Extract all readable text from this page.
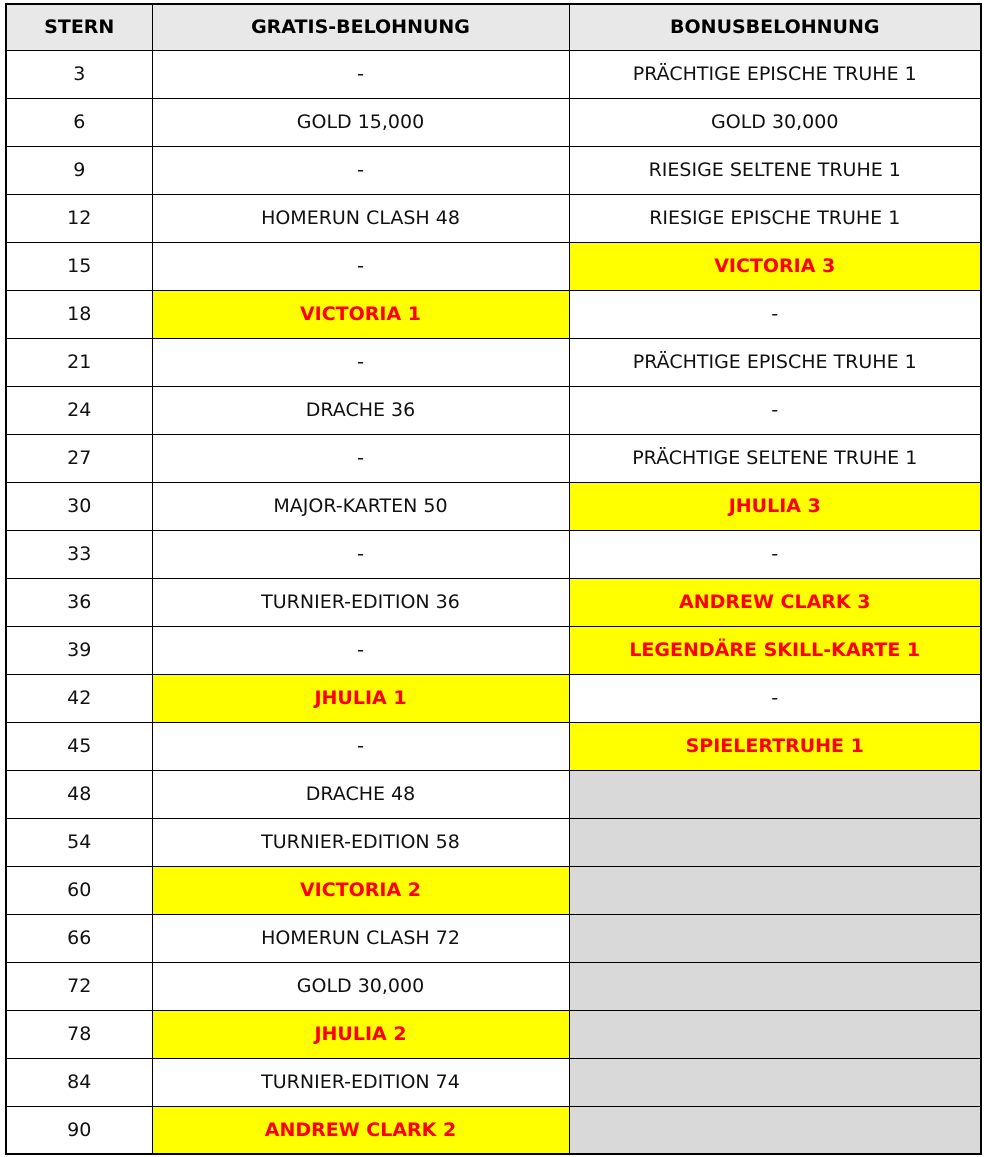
STERN	GRATIS-BELOHNUNG	BONUSBELOHNUNG
3	-	PRÄCHTIGE EPISCHE TRUHE 1
6	GOLD 15,000	GOLD 30,000
9	-	RIESIGE SELTENE TRUHE 1
12	HOMERUN CLASH 48	RIESIGE EPISCHE TRUHE 1
15	-	VICTORIA 3
18	VICTORIA 1	-
21	-	PRÄCHTIGE EPISCHE TRUHE 1
24	DRACHE 36	-
27	-	PRÄCHTIGE SELTENE TRUHE 1
30	MAJOR-KARTEN 50	JHULIA 3
33	-	-
36	TURNIER-EDITION 36	ANDREW CLARK 3
39	-	LEGENDÄRE SKILL-KARTE 1
42	JHULIA 1	-
45	-	SPIELERTRUHE 1
48	DRACHE 48	
54	TURNIER-EDITION 58	
60	VICTORIA 2	
66	HOMERUN CLASH 72	
72	GOLD 30,000	
78	JHULIA 2	
84	TURNIER-EDITION 74	
90	ANDREW CLARK 2	
